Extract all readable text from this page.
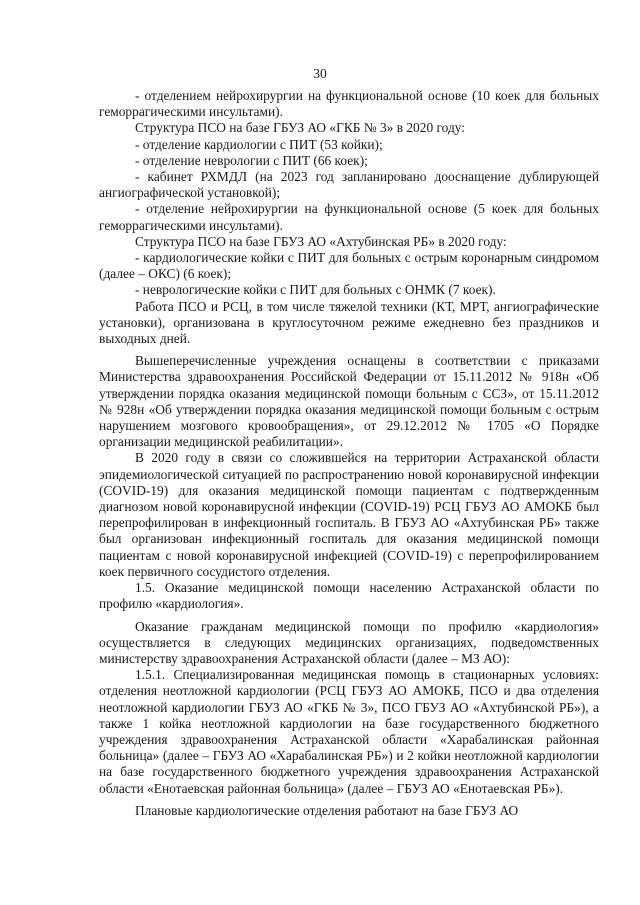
30

- отделением нейрохирургии на функциональной основе (10 коек для больных геморрагическими инсультами).

Структура ПСО на базе ГБУЗ АО «ГКБ № 3» в 2020 году:

- отделение кардиологии с ПИТ (53 койки);

- отделение неврологии с ПИТ (66 коек);

- кабинет РХМДЛ (на 2023 год запланировано дооснащение дублирующей ангиографической установкой);

- отделение нейрохирургии на функциональной основе (5 коек для больных геморрагическими инсультами).

Структура ПСО на базе ГБУЗ АО «Ахтубинская РБ» в 2020 году:

- кардиологические койки с ПИТ для больных с острым коронарным синдромом (далее – ОКС) (6 коек);

- неврологические койки с ПИТ для больных с ОНМК (7 коек).

Работа ПСО и РСЦ, в том числе тяжелой техники (КТ, МРТ, ангиографические установки), организована в круглосуточном режиме ежедневно без праздников и выходных дней.

Вышеперечисленные учреждения оснащены в соответствии с приказами Министерства здравоохранения Российской Федерации от 15.11.2012 № 918н «Об утверждении порядка оказания медицинской помощи больным с ССЗ», от 15.11.2012 № 928н «Об утверждении порядка оказания медицинской помощи больным с острым нарушением мозгового кровообращения», от 29.12.2012 № 1705 «О Порядке организации медицинской реабилитации».

В 2020 году в связи со сложившейся на территории Астраханской области эпидемиологической ситуацией по распространению новой коронавирусной инфекции (COVID-19) для оказания медицинской помощи пациентам с подтвержденным диагнозом новой коронавирусной инфекции (COVID-19) РСЦ ГБУЗ АО АМОКБ был перепрофилирован в инфекционный госпиталь. В ГБУЗ АО «Ахтубинская РБ» также был организован инфекционный госпиталь для оказания медицинской помощи пациентам с новой коронавирусной инфекцией (COVID-19) с перепрофилированием коек первичного сосудистого отделения.

1.5. Оказание медицинской помощи населению Астраханской области по профилю «кардиология».

Оказание гражданам медицинской помощи по профилю «кардиология» осуществляется в следующих медицинских организациях, подведомственных министерству здравоохранения Астраханской области (далее – МЗ АО):

1.5.1. Специализированная медицинская помощь в стационарных условиях: отделения неотложной кардиологии (РСЦ ГБУЗ АО АМОКБ, ПСО и два отделения неотложной кардиологии ГБУЗ АО «ГКБ № 3», ПСО ГБУЗ АО «Ахтубинской РБ»), а также 1 койка неотложной кардиологии на базе государственного бюджетного учреждения здравоохранения Астраханской области «Харабалинская районная больница» (далее – ГБУЗ АО «Харабалинская РБ») и 2 койки неотложной кардиологии на базе государственного бюджетного учреждения здравоохранения Астраханской области «Енотаевская районная больница» (далее – ГБУЗ АО «Енотаевская РБ»).

Плановые кардиологические отделения работают на базе ГБУЗ АО
